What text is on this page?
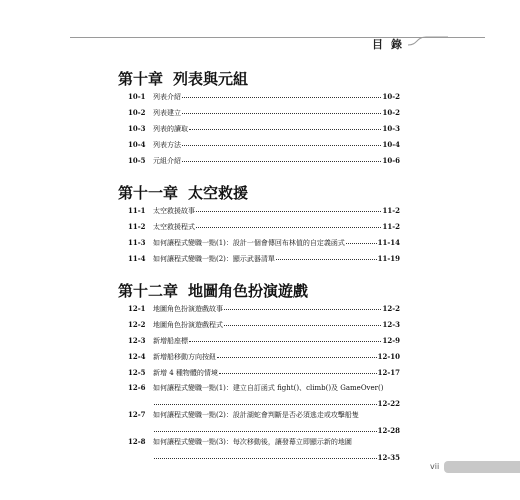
目錄
第十章 列表與元組
10-1	列表介紹	10-2
10-2	列表建立	10-2
10-3	列表的讀取	10-3
10-4	列表方法	10-4
10-5	元組介紹	10-6
第十一章 太空救援
11-1	太空救援故事	11-2
11-2	太空救援程式	11-2
11-3	如何讓程式變職一點(1)：設計一個會傳回布林值的自定義函式	11-14
11-4	如何讓程式變職一點(2)：顯示武器清單	11-19
第十二章 地圖角色扮演遊戲
12-1	地圖角色扮演遊戲故事	12-2
12-2	地圖角色扮演遊戲程式	12-3
12-3	新增船座標	12-9
12-4	新增船移動方向按鈕	12-10
12-5	新增 4 種物體的情境	12-17
12-6	如何讓程式變職一點(1)：建立自訂函式 fight()、climb()及 GameOver()
12-22
12-7	如何讓程式變職一點(2)：設計湖蛇會判斷是否必須逃走或攻擊船隻
12-28
12-8	如何讓程式變職一點(3)：每次移動後，讓發幕立即顯示新的地圖
12-35
vii
